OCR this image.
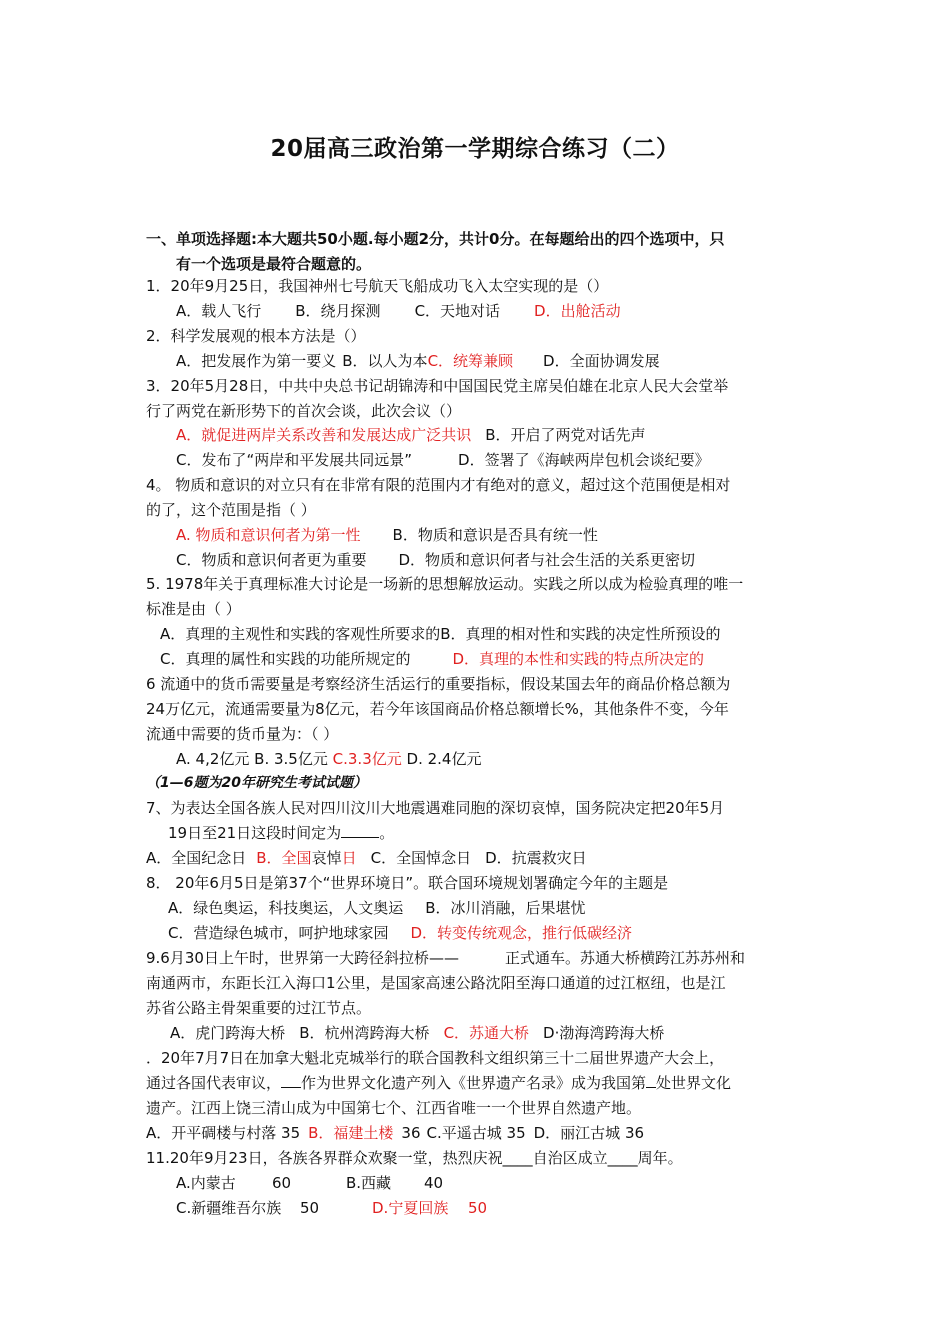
20届高三政治第一学期综合练习（二）
一、单项选择题:本大题共50小题.每小题2分，共计0分。在每题给出的四个选项中，只
有一个选项是最符合题意的。
1．20年9月25日，我国神州七号航天飞船成功飞入太空实现的是（）
A．载人飞行 B．绕月探测 C．天地对话 D．出舱活动
2．科学发展观的根本方法是（）
A．把发展作为第一要义 B．以人为本C．统筹兼顾 D．全面协调发展
3．20年5月28日，中共中央总书记胡锦涛和中国国民党主席吴伯雄在北京人民大会堂举
行了两党在新形势下的首次会谈，此次会议（）
A．就促进两岸关系改善和发展达成广泛共识 B．开启了两党对话先声
C．发布了“两岸和平发展共同远景”	D．签署了《海峡两岸包机会谈纪要》
4。 物质和意识的对立只有在非常有限的范围内才有绝对的意义，超过这个范围便是相对
的了，这个范围是指（ ）
A. 物质和意识何者为第一性 B．物质和意识是否具有统一性
C．物质和意识何者更为重要 D．物质和意识何者与社会生活的关系更密切
5. 1978年关于真理标准大讨论是一场新的思想解放运动。实践之所以成为检验真理的唯一
标准是由（ ）
A．真理的主观性和实践的客观性所要求的B．真理的相对性和实践的决定性所预设的
C．真理的属性和实践的功能所规定的	D．真理的本性和实践的特点所决定的
6 流通中的货币需要量是考察经济生活运行的重要指标，假设某国去年的商品价格总额为
24万亿元，流通需要量为8亿元，若今年该国商品价格总额增长%，其他条件不变，今年
流通中需要的货币量为：（ ）
A. 4,2亿元 B. 3.5亿元 C.3.3亿元 D. 2.4亿元
（1—6题为20年研究生考试试题）
7、为表达全国各族人民对四川汶川大地震遇难同胞的深切哀悼，国务院决定把20年5月
19日至21日这段时间定为	。
A．全国纪念日 B．全国哀悼日 C．全国悼念日 D．抗震救灾日
8． 20年6月5日是第37个“世界环境日”。联合国环境规划署确定今年的主题是
A．绿色奥运，科技奥运，人文奥运 B．冰川消融，后果堪忧
C．营造绿色城市，呵护地球家园 D．转变传统观念，推行低碳经济
9.6月30日上午时，世界第一大跨径斜拉桥——	正式通车。苏通大桥横跨江苏苏州和
南通两市，东距长江入海口1公里，是国家高速公路沈阳至海口通道的过江枢纽，也是江
苏省公路主骨架重要的过江节点。
A．虎门跨海大桥 B．杭州湾跨海大桥 C．苏通大桥 D·渤海湾跨海大桥
．20年7月7日在加拿大魁北克城举行的联合国教科文组织第三十二届世界遗产大会上，
通过各国代表审议， 作为世界文化遗产列入《世界遗产名录》成为我国第 处世界文化
遗产。江西上饶三清山成为中国第七个、江西省唯一一个世界自然遗产地。
A．开平碉楼与村落 35 B．福建土楼 36 C.平遥古城 35 D．丽江古城 36
11.20年9月23日，各族各界群众欢聚一堂，热烈庆祝____自治区成立____周年。
A.内蒙古 60	B.西藏 40
C.新疆维吾尔族 50	D.宁夏回族 50
